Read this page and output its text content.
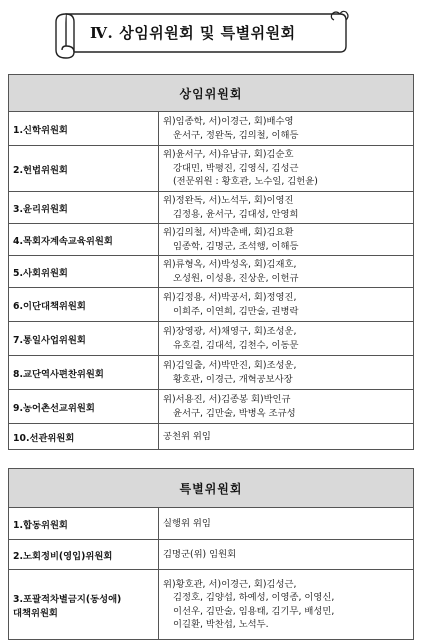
Ⅳ. 상임위원회 및 특별위원회
상임위원회	
1.신학위원회	위)임종학, 서)이경근, 회)배수영
운서구, 정완독, 김의철, 이해등

2.헌법위원회	위)윤서구, 서)유남규, 회)김순호
강대민, 박평진, 김영식, 김성근
(전문위원 : 황호관, 노수일, 김헌윤)

3.윤리위원회	위)정완독, 서)노석두, 회)이영진
김정용, 윤서구, 김대성, 안영희

4.목회자계속교육위원회	위)김의철, 서)박춘배, 회)김요환
임종학, 김명군, 조석행, 이해등

5.사회위원회	위)류형옥, 서)박성옥, 회)김재호,
오성원, 이성용, 진상운, 이헌규

6.이단대책위원회	위)김정용, 서)박공서, 회)정영진,
이희주, 이연희, 김만술, 권병락

7.통일사업위원회	위)장영광, 서)채영구, 회)조성운,
유호걸, 김대석, 김천수, 이동문

8.교단역사편찬위원회	위)김일출, 서)박만진, 회)조성운,
황호관, 이경근, 개혁공보사장

9.농어촌선교위원회	위)서용진, 서)김종봉 회)박인규
윤서구, 김만술, 박병옥 조규성

10.선관위원회	공천위 위임
특별위원회	
1.합동위원회	실행위 위임

2.노회정비(영입)위원회	김명군(위) 임원회

3.포괄적차별금지(동성애)
대책위원회	위)황호관, 서)이경근, 회)김성근,
김정호, 김양섭, 하예성, 이영종, 이영신,
이선우, 김만술, 임용태, 김기무, 배성민,
이길환, 박찬섭, 노석두.
